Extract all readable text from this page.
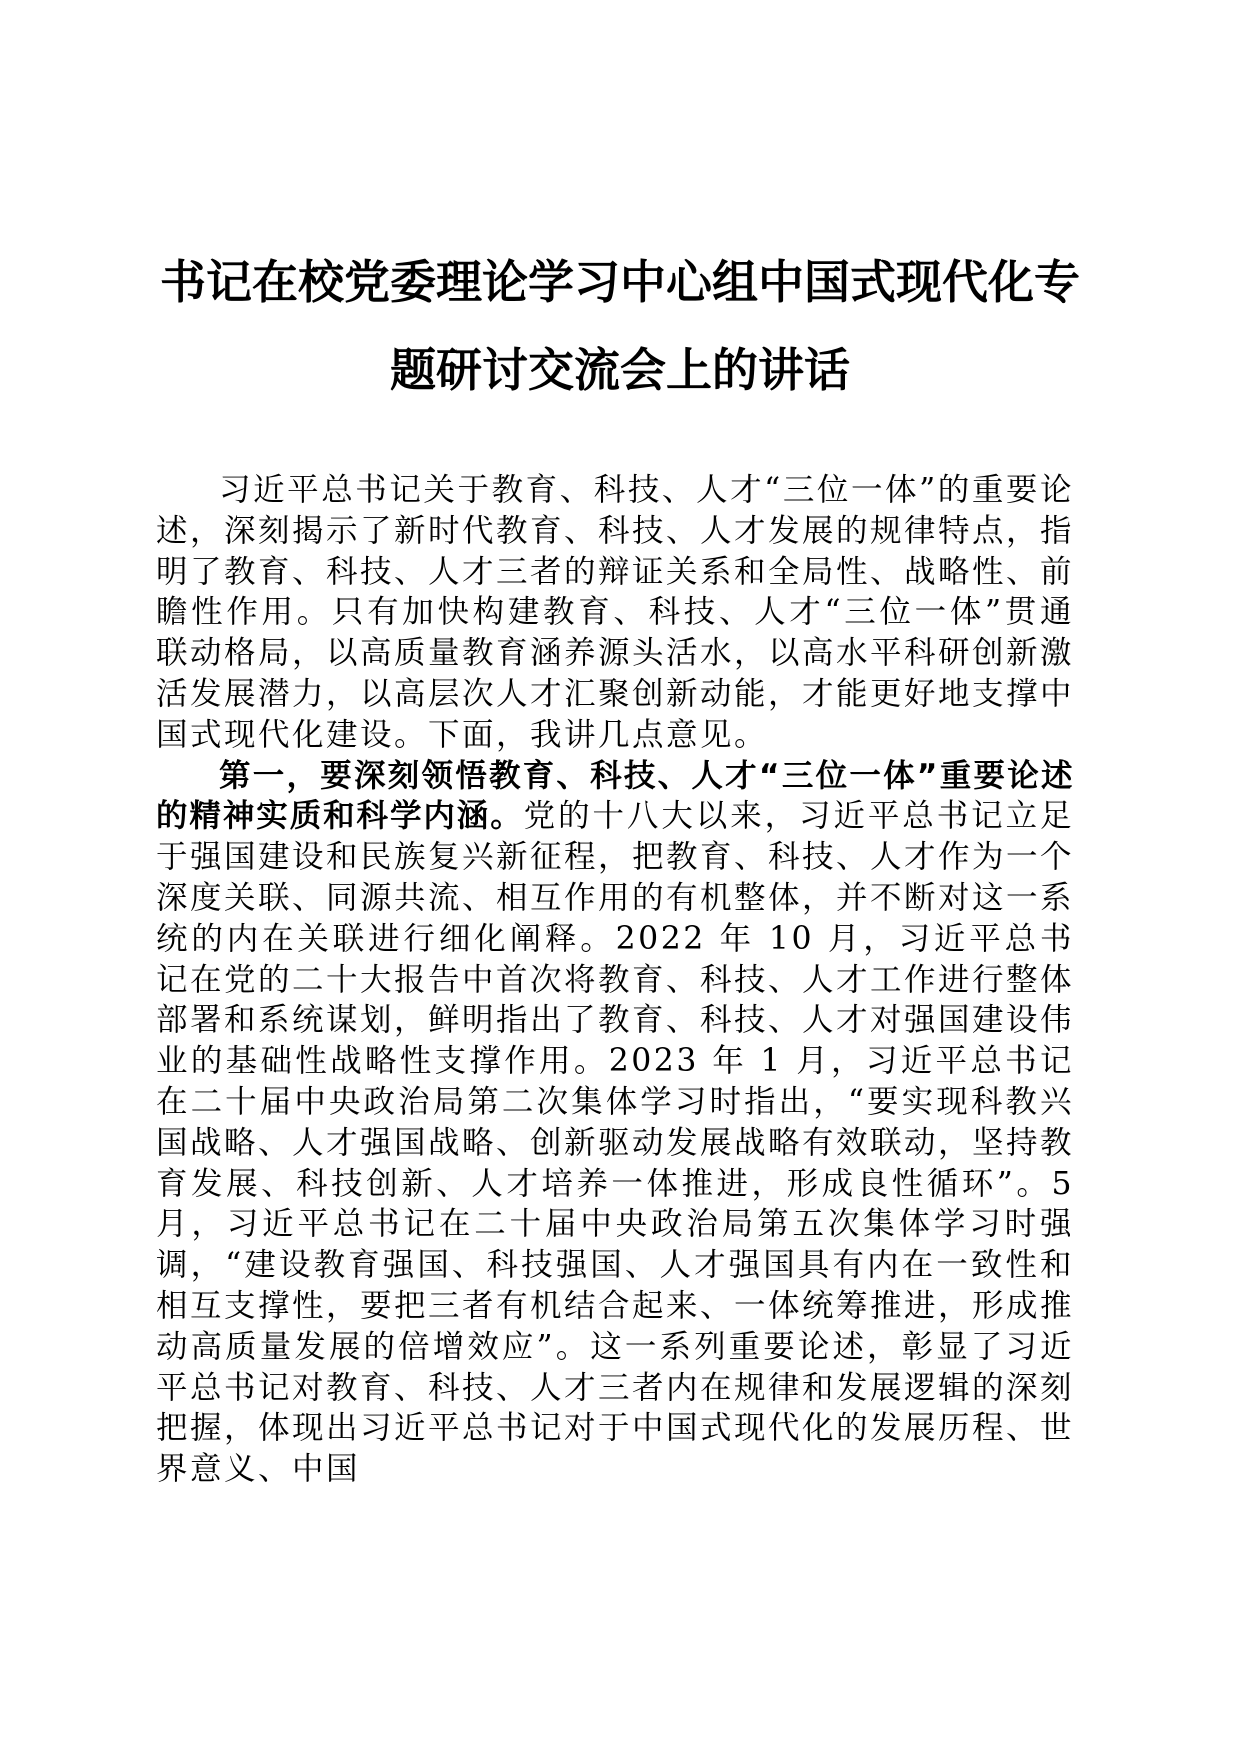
书记在校党委理论学习中心组中国式现代化专题研讨交流会上的讲话

习近平总书记关于教育、科技、人才“三位一体”的重要论述，深刻揭示了新时代教育、科技、人才发展的规律特点，指明了教育、科技、人才三者的辩证关系和全局性、战略性、前瞻性作用。只有加快构建教育、科技、人才“三位一体”贯通联动格局，以高质量教育涵养源头活水，以高水平科研创新激活发展潜力，以高层次人才汇聚创新动能，才能更好地支撑中国式现代化建设。下面，我讲几点意见。

第一，要深刻领悟教育、科技、人才“三位一体”重要论述的精神实质和科学内涵。党的十八大以来，习近平总书记立足于强国建设和民族复兴新征程，把教育、科技、人才作为一个深度关联、同源共流、相互作用的有机整体，并不断对这一系统的内在关联进行细化阐释。2022 年 10 月，习近平总书记在党的二十大报告中首次将教育、科技、人才工作进行整体部署和系统谋划，鲜明指出了教育、科技、人才对强国建设伟业的基础性战略性支撑作用。2023 年 1 月，习近平总书记在二十届中央政治局第二次集体学习时指出，“要实现科教兴国战略、人才强国战略、创新驱动发展战略有效联动，坚持教育发展、科技创新、人才培养一体推进，形成良性循环”。5 月，习近平总书记在二十届中央政治局第五次集体学习时强调，“建设教育强国、科技强国、人才强国具有内在一致性和相互支撑性，要把三者有机结合起来、一体统筹推进，形成推动高质量发展的倍增效应”。这一系列重要论述，彰显了习近平总书记对教育、科技、人才三者内在规律和发展逻辑的深刻把握，体现出习近平总书记对于中国式现代化的发展历程、世界意义、中国
